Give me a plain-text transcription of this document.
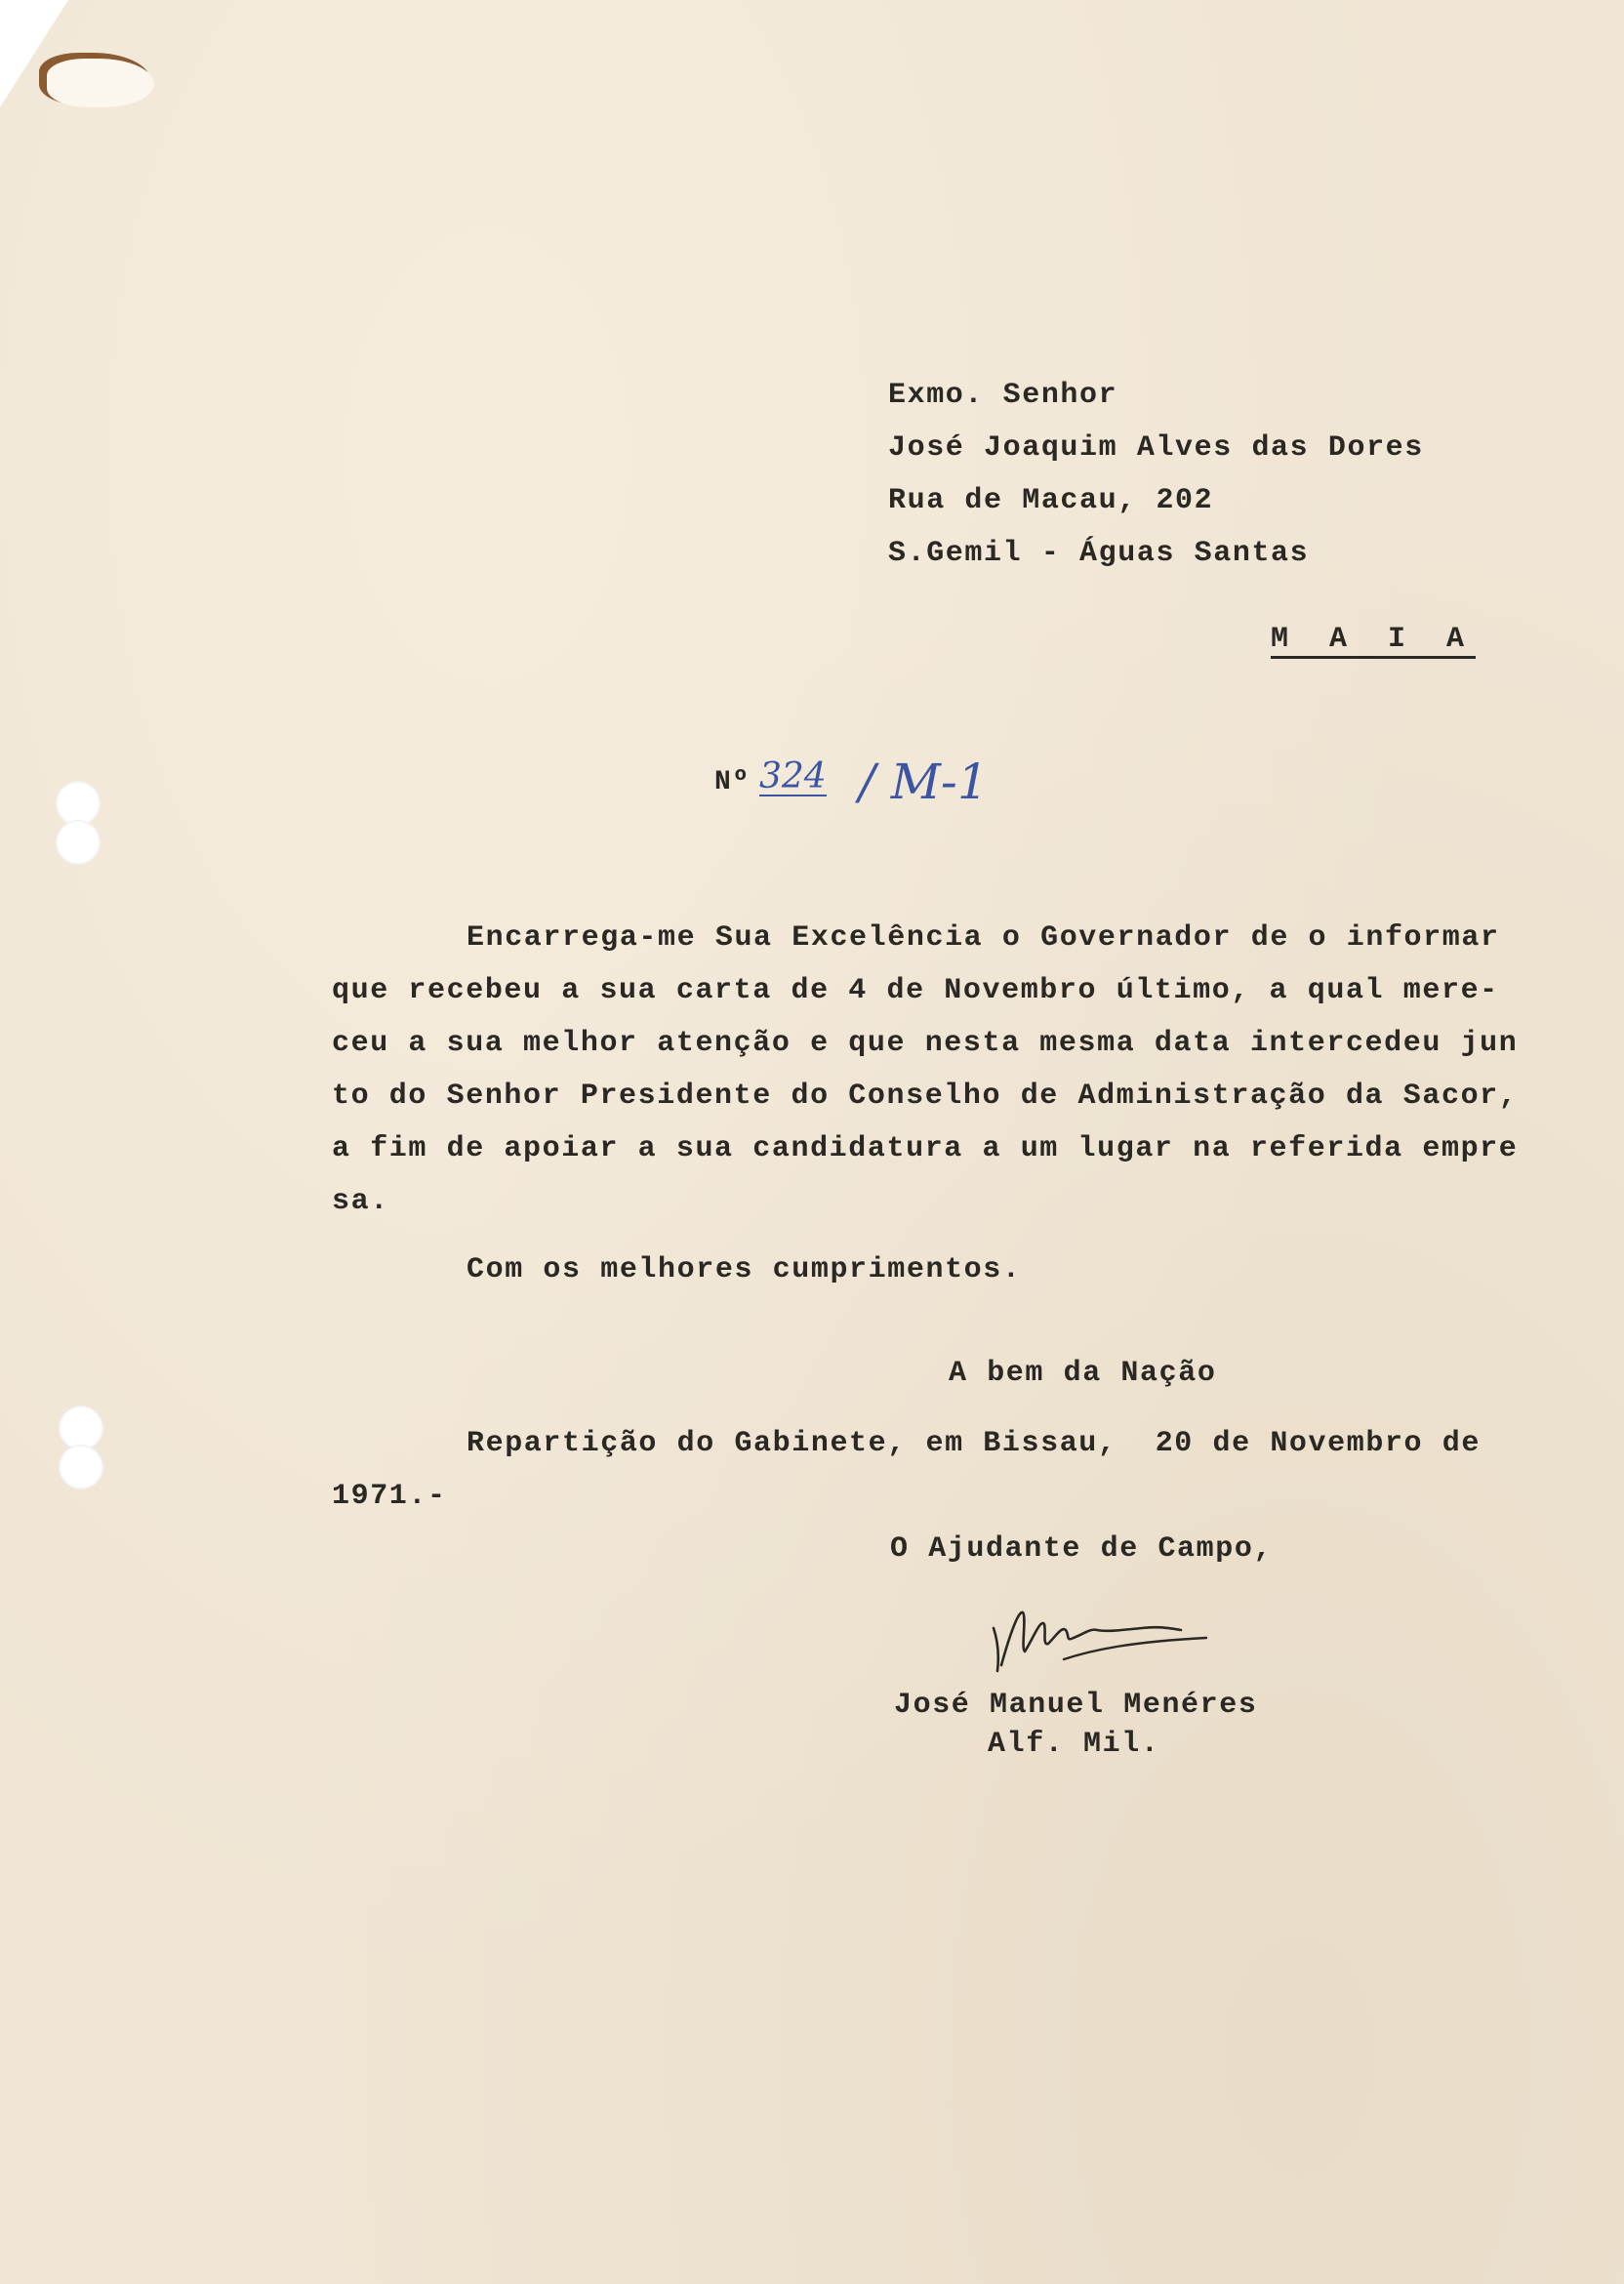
Exmo. Senhor
José Joaquim Alves das Dores
Rua de Macau, 202
S.Gemil - Águas Santas
M A I A
Nº 324 / M-1
Encarrega-me Sua Excelência o Governador de o informar
que recebeu a sua carta de 4 de Novembro último, a qual mere-
ceu a sua melhor atenção e que nesta mesma data intercedeu jun
to do Senhor Presidente do Conselho de Administração da Sacor,
a fim de apoiar a sua candidatura a um lugar na referida empre
sa.
Com os melhores cumprimentos.
A bem da Nação
Repartição do Gabinete, em Bissau,  20 de Novembro de
1971.-
O Ajudante de Campo,
José Manuel Menéres
Alf. Mil.
